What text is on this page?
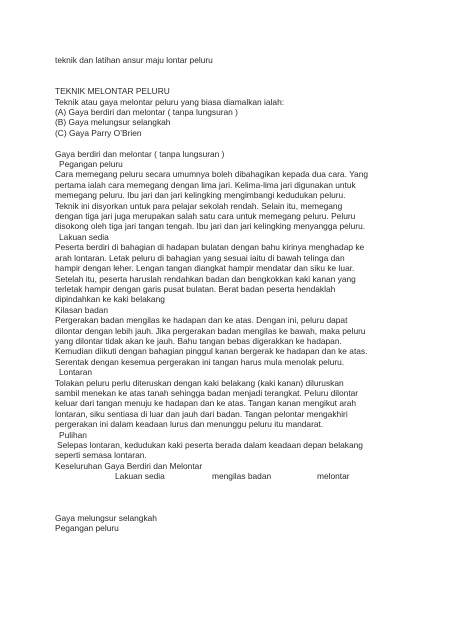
teknik dan latihan ansur maju lontar peluru

TEKNIK MELONTAR PELURU

Teknik atau gaya melontar peluru yang biasa diamalkan ialah:

(A) Gaya berdiri dan melontar ( tanpa lungsuran )

(B) Gaya melungsur selangkah

(C) Gaya Parry O’Brien

Gaya berdiri dan melontar ( tanpa lungsuran )

Pegangan peluru

Cara memegang peluru secara umumnya boleh dibahagikan kepada dua cara. Yang

pertama ialah cara memegang dengan lima jari. Kelima-lima jari digunakan untuk

memegang peluru. Ibu jari dan jari kelingking mengimbangi kedudukan peluru.

Teknik ini disyorkan untuk para pelajar sekolah rendah. Selain itu, memegang

dengan tiga jari juga merupakan salah satu cara untuk memegang peluru. Peluru

disokong oleh tiga jari tangan tengah. Ibu jari dan jari kelingking menyangga peluru.

Lakuan sedia

Peserta berdiri di bahagian di hadapan bulatan dengan bahu kirinya menghadap ke

arah lontaran. Letak peluru di bahagian yang sesuai iaitu di bawah telinga dan

hampir dengan leher. Lengan tangan diangkat hampir mendatar dan siku ke luar.

Setelah itu, peserta haruslah rendahkan badan dan bengkokkan kaki kanan yang

terletak hampir dengan garis pusat bulatan. Berat badan peserta hendaklah

dipindahkan ke kaki belakang

Kilasan badan

Pergerakan badan mengilas ke hadapan dan ke atas. Dengan ini, peluru dapat

dilontar dengan lebih jauh. Jika pergerakan badan mengilas ke bawah, maka peluru

yang dilontar tidak akan ke jauh. Bahu tangan bebas digerakkan ke hadapan.

Kemudian diikuti dengan bahagian pinggul kanan bergerak ke hadapan dan ke atas.

Serentak dengan kesemua pergerakan ini tangan harus mula menolak peluru.

Lontaran

Tolakan peluru perlu diteruskan dengan kaki belakang (kaki kanan) diluruskan

sambil menekan ke atas tanah sehingga badan menjadi terangkat. Peluru dilontar

keluar dari tangan menuju ke hadapan dan ke atas. Tangan kanan mengikut arah

lontaran, siku sentiasa di luar dan jauh dari badan. Tangan pelontar mengakhiri

pergerakan ini dalam keadaan lurus dan menunggu peluru itu mandarat.

Pulihan

Selepas lontaran, kedudukan kaki peserta berada dalam keadaan depan belakang

seperti semasa lontaran.

Keseluruhan Gaya Berdiri dan Melontar

Lakuan sedia	mengilas badan	melontar

Gaya melungsur selangkah

Pegangan peluru
